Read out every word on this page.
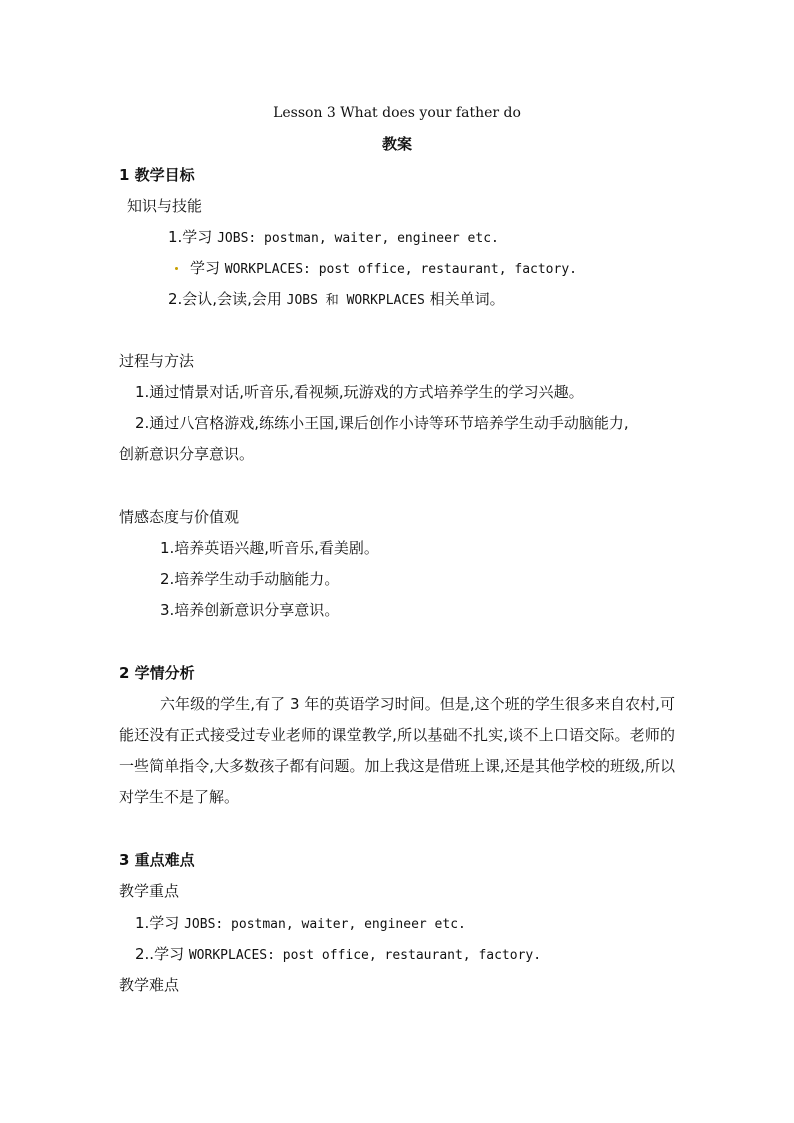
Lesson 3 What does your father do
教案
1 教学目标
知识与技能
1.学习 JOBS: postman, waiter, engineer etc.
学习 WORKPLACES: post office, restaurant, factory.
2.会认,会读,会用 JOBS 和 WORKPLACES 相关单词。
过程与方法
1.通过情景对话,听音乐,看视频,玩游戏的方式培养学生的学习兴趣。
2.通过八宫格游戏,练练小王国,课后创作小诗等环节培养学生动手动脑能力,
创新意识分享意识。
情感态度与价值观
1.培养英语兴趣,听音乐,看美剧。
2.培养学生动手动脑能力。
3.培养创新意识分享意识。
2 学情分析
六年级的学生,有了 3 年的英语学习时间。但是,这个班的学生很多来自农村,可能还没有正式接受过专业老师的课堂教学,所以基础不扎实,谈不上口语交际。老师的一些简单指令,大多数孩子都有问题。加上我这是借班上课,还是其他学校的班级,所以对学生不是了解。
3 重点难点
教学重点
1.学习 JOBS: postman, waiter, engineer etc.
2..学习 WORKPLACES: post office, restaurant, factory.
教学难点
